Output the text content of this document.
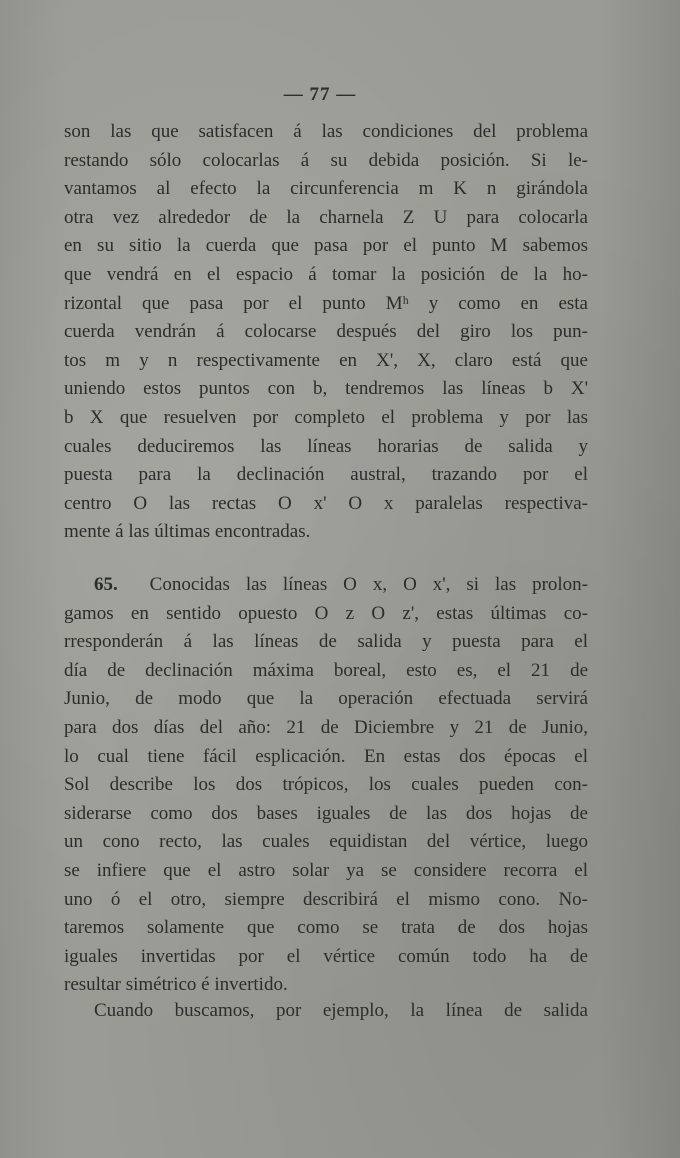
— 77 —
son las que satisfacen á las condiciones del problema
restando sólo colocarlas á su debida posición. Si le-
vantamos al efecto la circunferencia m K n girándola
otra vez alrededor de la charnela Z U para colocarla
en su sitio la cuerda que pasa por el punto M sabemos
que vendrá en el espacio á tomar la posición de la ho-
rizontal que pasa por el punto Mʰ y como en esta
cuerda vendrán á colocarse después del giro los pun-
tos m y n respectivamente en X', X, claro está que
uniendo estos puntos con b, tendremos las líneas b X'
b X que resuelven por completo el problema y por las
cuales deduciremos las líneas horarias de salida y
puesta para la declinación austral, trazando por el
centro O las rectas O x' O x paralelas respectiva-
mente á las últimas encontradas.
65. Conocidas las líneas O x, O x', si las prolon-
gamos en sentido opuesto O z O z', estas últimas co-
rresponderán á las líneas de salida y puesta para el
día de declinación máxima boreal, esto es, el 21 de
Junio, de modo que la operación efectuada servirá
para dos días del año: 21 de Diciembre y 21 de Junio,
lo cual tiene fácil esplicación. En estas dos épocas el
Sol describe los dos trópicos, los cuales pueden con-
siderarse como dos bases iguales de las dos hojas de
un cono recto, las cuales equidistan del vértice, luego
se infiere que el astro solar ya se considere recorra el
uno ó el otro, siempre describirá el mismo cono. No-
taremos solamente que como se trata de dos hojas
iguales invertidas por el vértice común todo ha de
resultar simétrico é invertido.
Cuando buscamos, por ejemplo, la línea de salida
